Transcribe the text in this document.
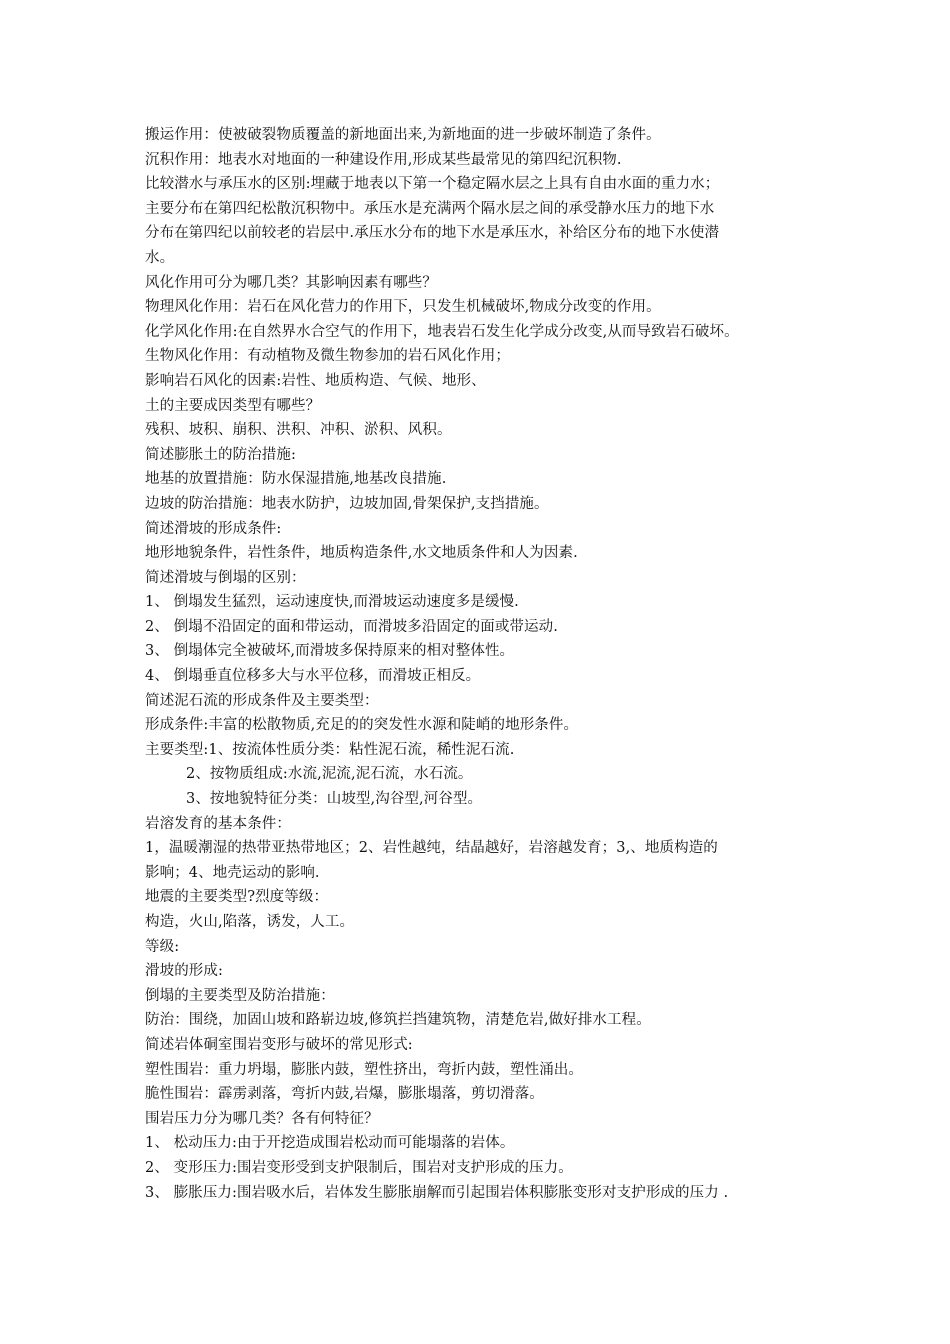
搬运作用：使被破裂物质覆盖的新地面出来,为新地面的进一步破坏制造了条件。
沉积作用：地表水对地面的一种建设作用,形成某些最常见的第四纪沉积物.
比较潜水与承压水的区别:埋藏于地表以下第一个稳定隔水层之上具有自由水面的重力水；
主要分布在第四纪松散沉积物中。承压水是充满两个隔水层之间的承受静水压力的地下水
分布在第四纪以前较老的岩层中.承压水分布的地下水是承压水，补给区分布的地下水使潜
水。
风化作用可分为哪几类？其影响因素有哪些？
物理风化作用：岩石在风化营力的作用下，只发生机械破坏,物成分改变的作用。
化学风化作用:在自然界水合空气的作用下，地表岩石发生化学成分改变,从而导致岩石破坏。
生物风化作用：有动植物及微生物参加的岩石风化作用；
影响岩石风化的因素:岩性、地质构造、气候、地形、
土的主要成因类型有哪些？
残积、坡积、崩积、洪积、冲积、淤积、风积。
简述膨胀土的防治措施:
地基的放置措施：防水保湿措施,地基改良措施.
边坡的防治措施：地表水防护，边坡加固,骨架保护,支挡措施。
简述滑坡的形成条件:
地形地貌条件，岩性条件，地质构造条件,水文地质条件和人为因素.
简述滑坡与倒塌的区别：
1、 倒塌发生猛烈，运动速度快,而滑坡运动速度多是缓慢.
2、 倒塌不沿固定的面和带运动，而滑坡多沿固定的面或带运动.
3、 倒塌体完全被破坏,而滑坡多保持原来的相对整体性。
4、 倒塌垂直位移多大与水平位移，而滑坡正相反。
简述泥石流的形成条件及主要类型：
形成条件:丰富的松散物质,充足的的突发性水源和陡峭的地形条件。
主要类型:1、按流体性质分类：粘性泥石流，稀性泥石流.
2、按物质组成:水流,泥流,泥石流，水石流。
3、按地貌特征分类：山坡型,沟谷型,河谷型。
岩溶发育的基本条件：
1，温暖潮湿的热带亚热带地区；2、岩性越纯，结晶越好，岩溶越发育；3,、地质构造的
影响；4、地壳运动的影响.
地震的主要类型?烈度等级：
构造，火山,陷落，诱发，人工。
等级:
滑坡的形成:
倒塌的主要类型及防治措施：
防治：围绕，加固山坡和路崭边坡,修筑拦挡建筑物，清楚危岩,做好排水工程。
简述岩体硐室围岩变形与破坏的常见形式:
塑性围岩：重力坍塌，膨胀内鼓，塑性挤出，弯折内鼓，塑性涌出。
脆性围岩：霹雳剥落，弯折内鼓,岩爆，膨胀塌落，剪切滑落。
围岩压力分为哪几类？各有何特征？
1、 松动压力:由于开挖造成围岩松动而可能塌落的岩体。
2、 变形压力:围岩变形受到支护限制后，围岩对支护形成的压力。
3、 膨胀压力:围岩吸水后，岩体发生膨胀崩解而引起围岩体积膨胀变形对支护形成的压力 .
